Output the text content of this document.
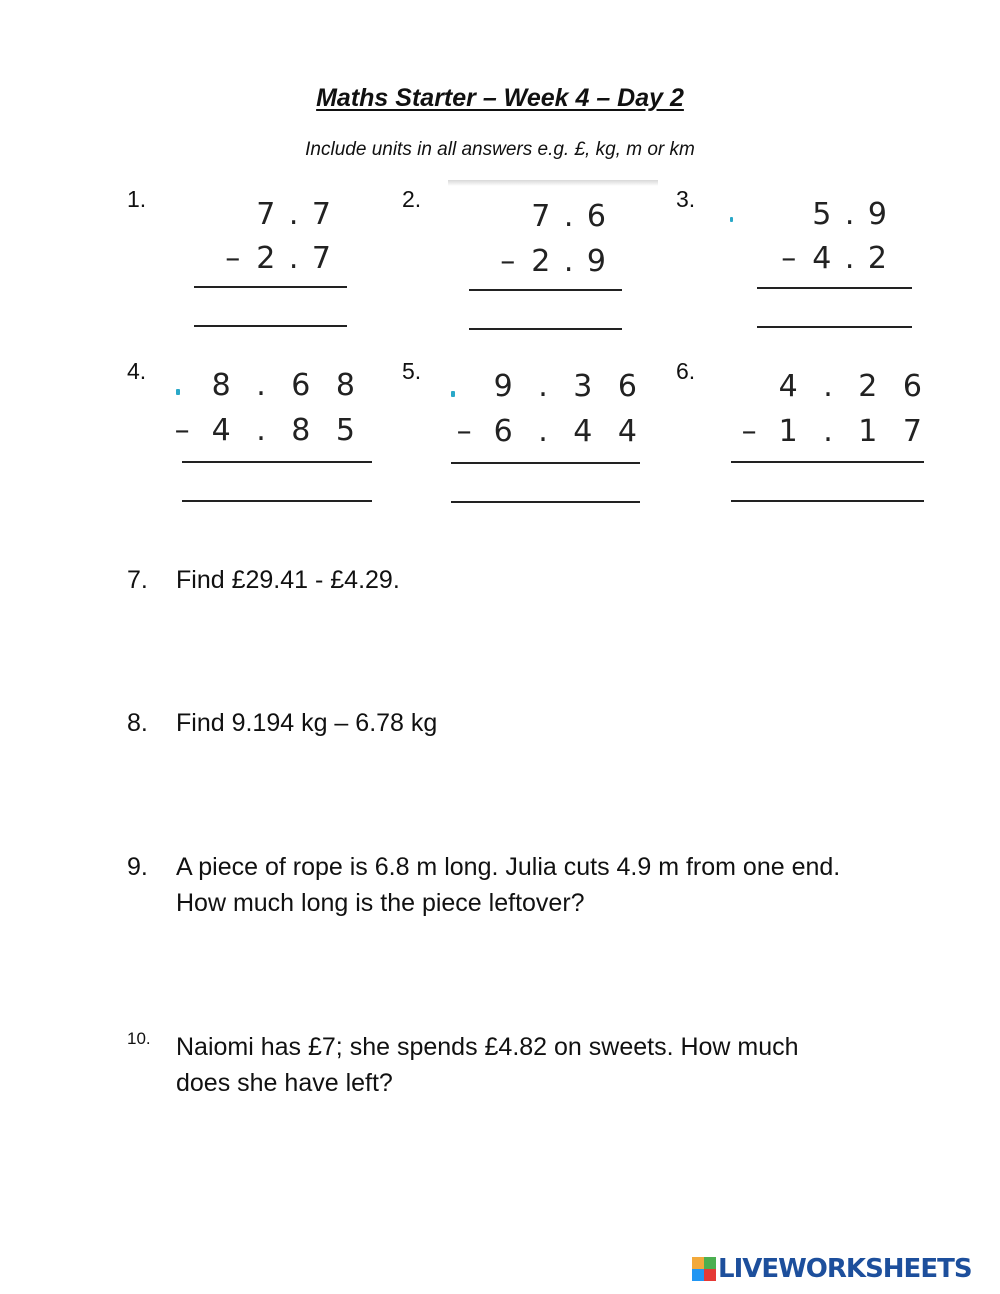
Maths Starter – Week 4 – Day 2
Include units in all answers e.g. £, kg, m or km
1.	7 . 7
– 2 . 7
2.	7 . 6
– 2 . 9
3.	5 . 9
– 4 . 2
4. 8 . 6 8
– 4 . 8 5
5. 9 . 3 6
– 6 . 4 4
6.	4 . 2 6
– 1 . 1 7
7. Find £29.41 - £4.29.
8. Find 9.194 kg – 6.78 kg
9. A piece of rope is 6.8 m long. Julia cuts 4.9 m from one end.
How much long is the piece leftover?
10. Naiomi has £7; she spends £4.82 on sweets. How much
does she have left?
LIVEWORKSHEETS
